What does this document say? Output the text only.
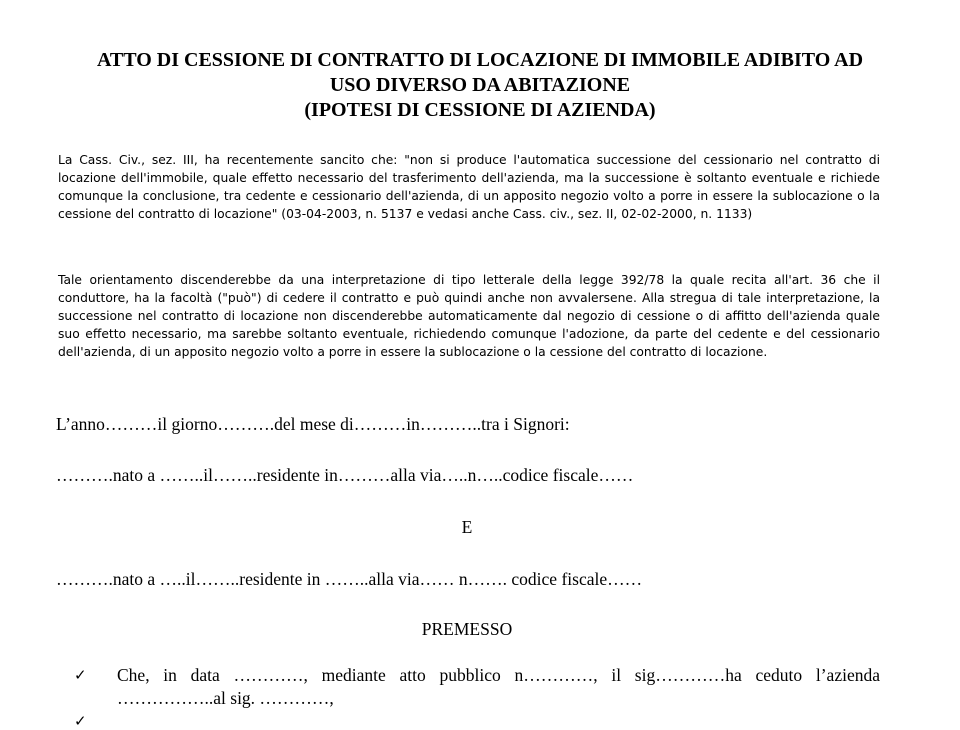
ATTO DI CESSIONE DI CONTRATTO DI LOCAZIONE DI IMMOBILE ADIBITO AD
USO DIVERSO DA ABITAZIONE
(IPOTESI DI CESSIONE DI AZIENDA)
La Cass. Civ., sez. III, ha recentemente sancito che: "non si produce l'automatica successione del cessionario nel contratto di locazione dell'immobile, quale effetto necessario del trasferimento dell'azienda, ma la successione è soltanto eventuale e richiede comunque la conclusione, tra cedente e cessionario dell'azienda, di un apposito negozio volto a porre in essere la sublocazione o la cessione del contratto di locazione" (03-04-2003, n. 5137 e vedasi anche Cass. civ., sez. II, 02-02-2000, n. 1133)
Tale orientamento discenderebbe da una interpretazione di tipo letterale della legge 392/78 la quale recita all'art. 36 che il conduttore, ha la facoltà ("può") di cedere il contratto e può quindi anche non avvalersene. Alla stregua di tale interpretazione, la successione nel contratto di locazione non discenderebbe automaticamente dal negozio di cessione o di affitto dell'azienda quale suo effetto necessario, ma sarebbe soltanto eventuale, richiedendo comunque l'adozione, da parte del cedente e del cessionario dell'azienda, di un apposito negozio volto a porre in essere la sublocazione o la cessione del contratto di locazione.
L’anno………il giorno……….del mese di………in………..tra i Signori:
……….nato a ……..il……..residente in………alla via…..n…..codice fiscale……
E
……….nato a …..il……..residente in ……..alla via…… n……. codice fiscale……
PREMESSO
✓ Che, in data …………, mediante atto pubblico n…………, il sig…………ha ceduto l’azienda ……………..al sig. …………,
✓
